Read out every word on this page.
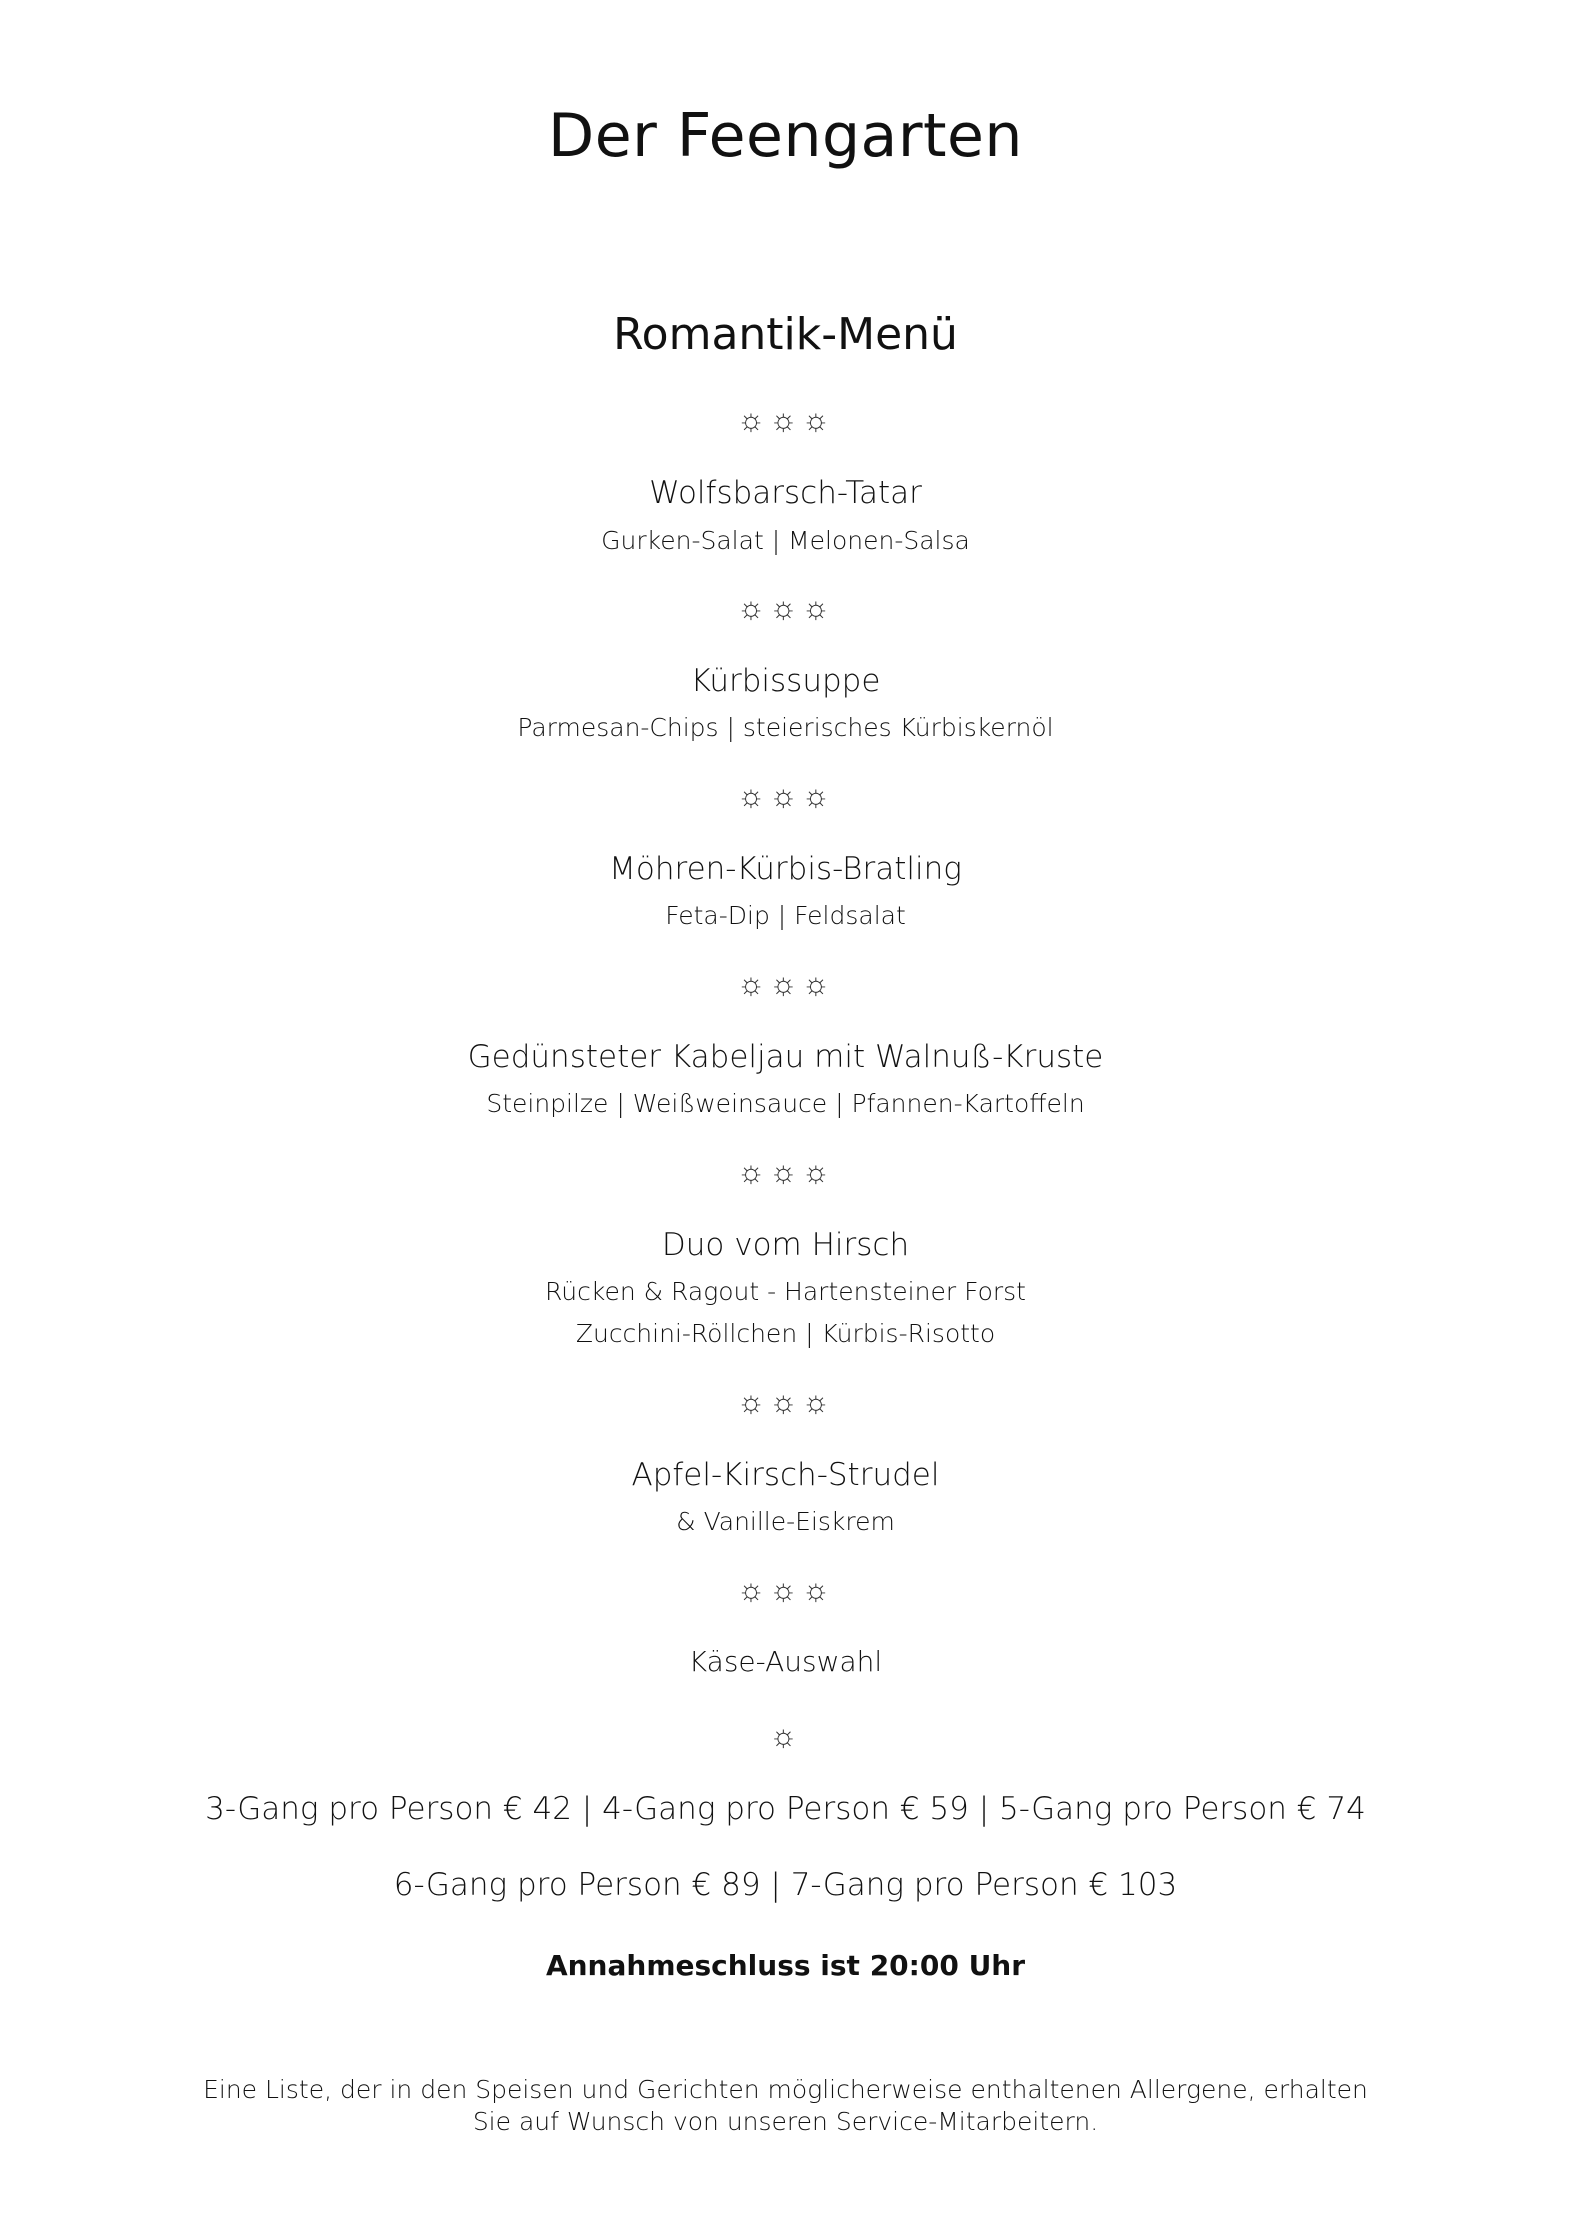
Der Feengarten
Romantik-Menü
☼☼☼
Wolfsbarsch-Tatar
Gurken-Salat | Melonen-Salsa
☼☼☼
Kürbissuppe
Parmesan-Chips | steierisches Kürbiskernöl
☼☼☼
Möhren-Kürbis-Bratling
Feta-Dip | Feldsalat
☼☼☼
Gedünsteter Kabeljau mit Walnuß-Kruste
Steinpilze | Weißweinsauce | Pfannen-Kartoffeln
☼☼☼
Duo vom Hirsch
Rücken & Ragout - Hartensteiner Forst
Zucchini-Röllchen | Kürbis-Risotto
☼☼☼
Apfel-Kirsch-Strudel
& Vanille-Eiskrem
☼☼☼
Käse-Auswahl
☼
3-Gang pro Person € 42 | 4-Gang pro Person € 59 | 5-Gang pro Person € 74
6-Gang pro Person € 89 | 7-Gang pro Person € 103
Annahmeschluss ist 20:00 Uhr
Eine Liste, der in den Speisen und Gerichten möglicherweise enthaltenen Allergene, erhalten
Sie auf Wunsch von unseren Service-Mitarbeitern.
